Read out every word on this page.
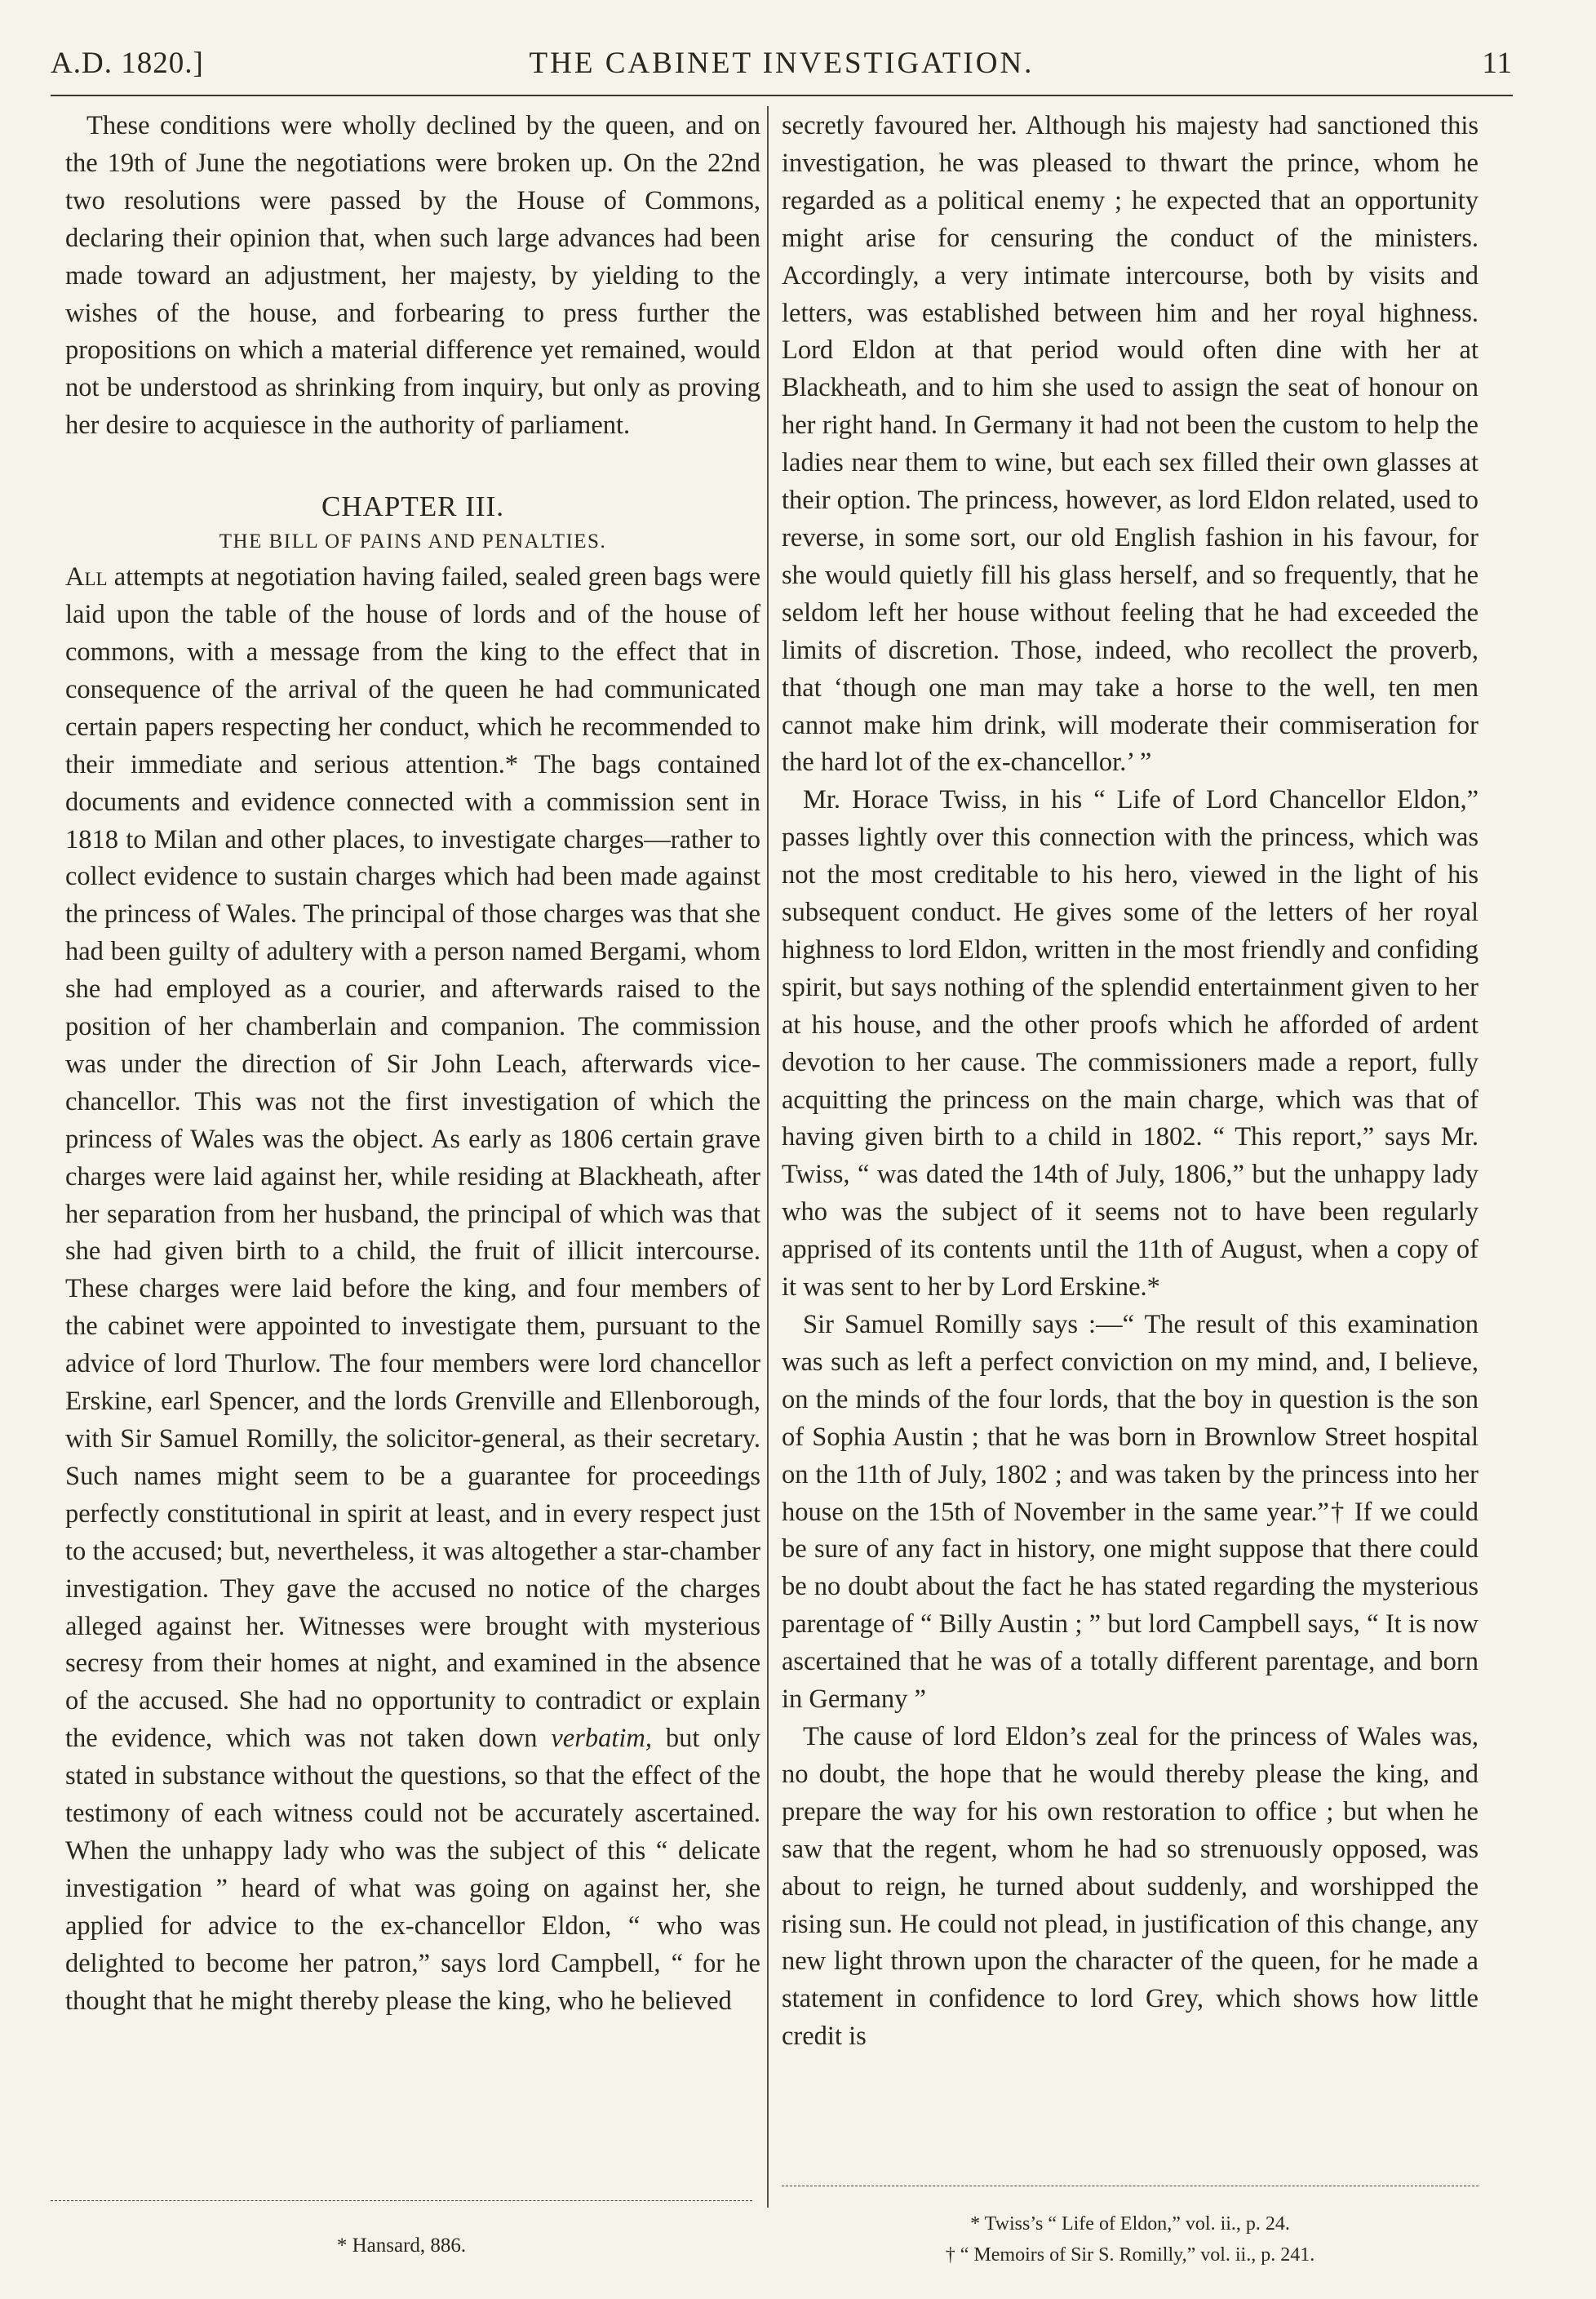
A.D. 1820.]	THE CABINET INVESTIGATION.	11

These conditions were wholly declined by the queen, and on the 19th of June the negotiations were broken up. On the 22nd two resolutions were passed by the House of Commons, declaring their opinion that, when such large advances had been made toward an adjustment, her majesty, by yielding to the wishes of the house, and forbearing to press further the propositions on which a material difference yet remained, would not be understood as shrinking from inquiry, but only as proving her desire to acquiesce in the authority of parliament.

CHAPTER III.
THE BILL OF PAINS AND PENALTIES.

All attempts at negotiation having failed, sealed green bags were laid upon the table of the house of lords and of the house of commons, with a message from the king to the effect that in consequence of the arrival of the queen he had communicated certain papers respecting her conduct, which he recommended to their immediate and serious attention.* The bags contained documents and evidence connected with a commission sent in 1818 to Milan and other places, to investigate charges—rather to collect evidence to sustain charges which had been made against the princess of Wales. The principal of those charges was that she had been guilty of adultery with a person named Bergami, whom she had employed as a courier, and afterwards raised to the position of her chamberlain and companion. The commission was under the direction of Sir John Leach, afterwards vice-chancellor. This was not the first investigation of which the princess of Wales was the object. As early as 1806 certain grave charges were laid against her, while residing at Blackheath, after her separation from her husband, the principal of which was that she had given birth to a child, the fruit of illicit intercourse. These charges were laid before the king, and four members of the cabinet were appointed to investigate them, pursuant to the advice of lord Thurlow. The four members were lord chancellor Erskine, earl Spencer, and the lords Grenville and Ellenborough, with Sir Samuel Romilly, the solicitor-general, as their secretary. Such names might seem to be a guarantee for proceedings perfectly constitutional in spirit at least, and in every respect just to the accused; but, nevertheless, it was altogether a star-chamber investigation. They gave the accused no notice of the charges alleged against her. Witnesses were brought with mysterious secresy from their homes at night, and examined in the absence of the accused. She had no opportunity to contradict or explain the evidence, which was not taken down verbatim, but only stated in substance without the questions, so that the effect of the testimony of each witness could not be accurately ascertained. When the unhappy lady who was the subject of this “ delicate investigation ” heard of what was going on against her, she applied for advice to the ex-chancellor Eldon, “ who was delighted to become her patron,” says lord Campbell, “ for he thought that he might thereby please the king, who he believed

secretly favoured her. Although his majesty had sanctioned this investigation, he was pleased to thwart the prince, whom he regarded as a political enemy ; he expected that an opportunity might arise for censuring the conduct of the ministers. Accordingly, a very intimate intercourse, both by visits and letters, was established between him and her royal highness. Lord Eldon at that period would often dine with her at Blackheath, and to him she used to assign the seat of honour on her right hand. In Germany it had not been the custom to help the ladies near them to wine, but each sex filled their own glasses at their option. The princess, however, as lord Eldon related, used to reverse, in some sort, our old English fashion in his favour, for she would quietly fill his glass herself, and so frequently, that he seldom left her house without feeling that he had exceeded the limits of discretion. Those, indeed, who recollect the proverb, that ‘though one man may take a horse to the well, ten men cannot make him drink, will moderate their commiseration for the hard lot of the ex-chancellor.’ ”

Mr. Horace Twiss, in his “ Life of Lord Chancellor Eldon,” passes lightly over this connection with the princess, which was not the most creditable to his hero, viewed in the light of his subsequent conduct. He gives some of the letters of her royal highness to lord Eldon, written in the most friendly and confiding spirit, but says nothing of the splendid entertainment given to her at his house, and the other proofs which he afforded of ardent devotion to her cause. The commissioners made a report, fully acquitting the princess on the main charge, which was that of having given birth to a child in 1802. “ This report,” says Mr. Twiss, “ was dated the 14th of July, 1806,” but the unhappy lady who was the subject of it seems not to have been regularly apprised of its contents until the 11th of August, when a copy of it was sent to her by Lord Erskine.*

Sir Samuel Romilly says :—“ The result of this examination was such as left a perfect conviction on my mind, and, I believe, on the minds of the four lords, that the boy in question is the son of Sophia Austin ; that he was born in Brownlow Street hospital on the 11th of July, 1802 ; and was taken by the princess into her house on the 15th of November in the same year.”† If we could be sure of any fact in history, one might suppose that there could be no doubt about the fact he has stated regarding the mysterious parentage of “ Billy Austin ; ” but lord Campbell says, “ It is now ascertained that he was of a totally different parentage, and born in Germany ”

The cause of lord Eldon’s zeal for the princess of Wales was, no doubt, the hope that he would thereby please the king, and prepare the way for his own restoration to office ; but when he saw that the regent, whom he had so strenuously opposed, was about to reign, he turned about suddenly, and worshipped the rising sun. He could not plead, in justification of this change, any new light thrown upon the character of the queen, for he made a statement in confidence to lord Grey, which shows how little credit is

* Hansard, 886.
* Twiss’s “ Life of Eldon,” vol. ii., p. 24.
† “ Memoirs of Sir S. Romilly,” vol. ii., p. 241.
